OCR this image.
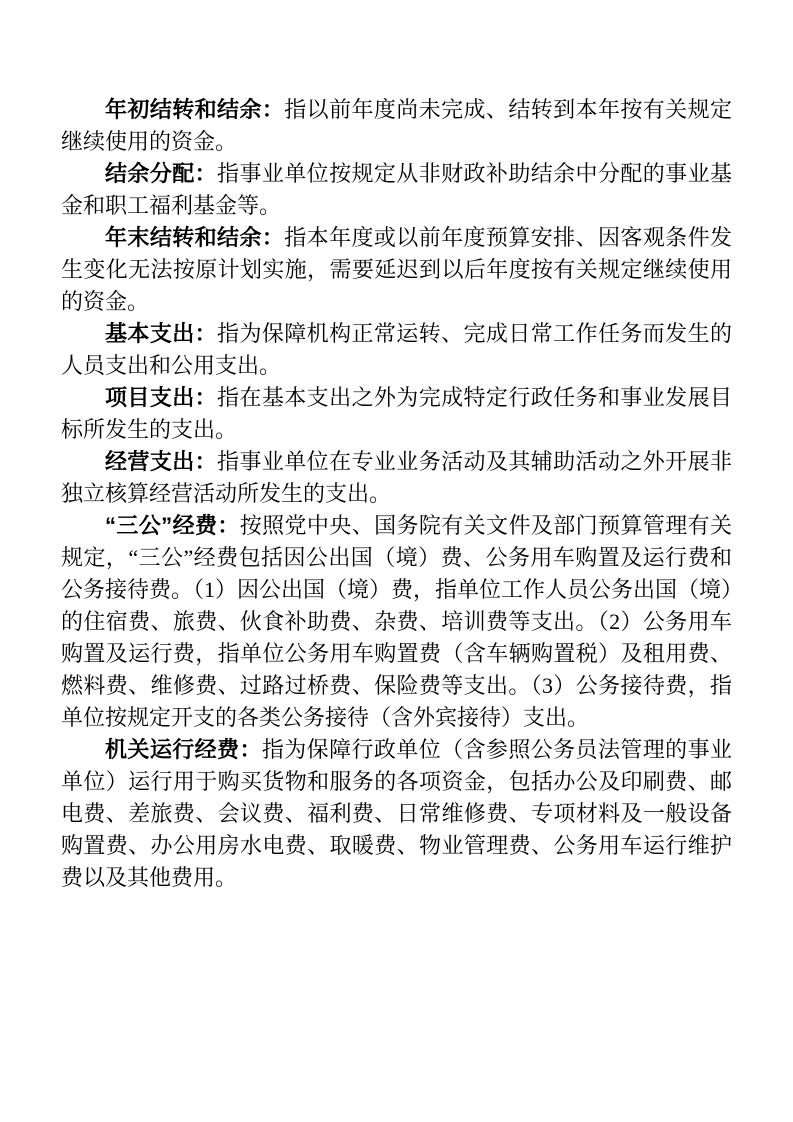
年初结转和结余：指以前年度尚未完成、结转到本年按有关规定继续使用的资金。

结余分配：指事业单位按规定从非财政补助结余中分配的事业基金和职工福利基金等。

年末结转和结余：指本年度或以前年度预算安排、因客观条件发生变化无法按原计划实施，需要延迟到以后年度按有关规定继续使用的资金。

基本支出：指为保障机构正常运转、完成日常工作任务而发生的人员支出和公用支出。

项目支出：指在基本支出之外为完成特定行政任务和事业发展目标所发生的支出。

经营支出：指事业单位在专业业务活动及其辅助活动之外开展非独立核算经营活动所发生的支出。

“三公”经费：按照党中央、国务院有关文件及部门预算管理有关规定，“三公”经费包括因公出国（境）费、公务用车购置及运行费和公务接待费。（1）因公出国（境）费，指单位工作人员公务出国（境）的住宿费、旅费、伙食补助费、杂费、培训费等支出。（2）公务用车购置及运行费，指单位公务用车购置费（含车辆购置税）及租用费、燃料费、维修费、过路过桥费、保险费等支出。（3）公务接待费，指单位按规定开支的各类公务接待（含外宾接待）支出。

机关运行经费：指为保障行政单位（含参照公务员法管理的事业单位）运行用于购买货物和服务的各项资金，包括办公及印刷费、邮电费、差旅费、会议费、福利费、日常维修费、专项材料及一般设备购置费、办公用房水电费、取暖费、物业管理费、公务用车运行维护费以及其他费用。
